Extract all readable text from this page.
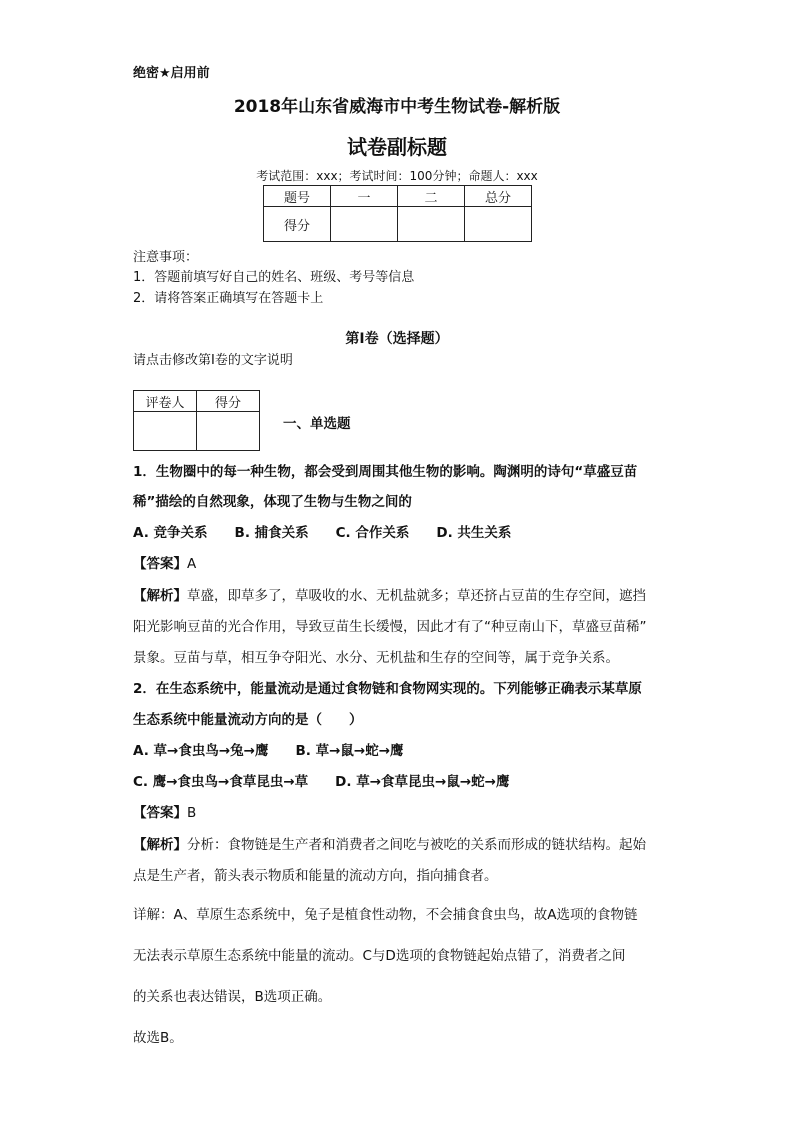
绝密★启用前
2018年山东省威海市中考生物试卷-解析版
试卷副标题
考试范围：xxx；考试时间：100分钟；命题人：xxx
题号	一	二	总分
得分			
注意事项：
1．答题前填写好自己的姓名、班级、考号等信息
2．请将答案正确填写在答题卡上
第I卷（选择题）
请点击修改第I卷的文字说明
评卷人	得分

一、单选题
1．生物圈中的每一种生物，都会受到周围其他生物的影响。陶渊明的诗句“草盛豆苗
稀”描绘的自然现象，体现了生物与生物之间的
A. 竞争关系　　B. 捕食关系　　C. 合作关系　　D. 共生关系
【答案】A
【解析】草盛，即草多了，草吸收的水、无机盐就多；草还挤占豆苗的生存空间，遮挡
阳光影响豆苗的光合作用，导致豆苗生长缓慢，因此才有了“种豆南山下，草盛豆苗稀”
景象。豆苗与草，相互争夺阳光、水分、无机盐和生存的空间等，属于竞争关系。
2．在生态系统中，能量流动是通过食物链和食物网实现的。下列能够正确表示某草原
生态系统中能量流动方向的是（　　）
A. 草→食虫鸟→兔→鹰　　B. 草→鼠→蛇→鹰
C. 鹰→食虫鸟→食草昆虫→草　　D. 草→食草昆虫→鼠→蛇→鹰
【答案】B
【解析】分析：食物链是生产者和消费者之间吃与被吃的关系而形成的链状结构。起始
点是生产者，箭头表示物质和能量的流动方向，指向捕食者。
详解：A、草原生态系统中，兔子是植食性动物，不会捕食食虫鸟，故A选项的食物链
无法表示草原生态系统中能量的流动。C与D选项的食物链起始点错了，消费者之间
的关系也表达错误，B选项正确。
故选B。
